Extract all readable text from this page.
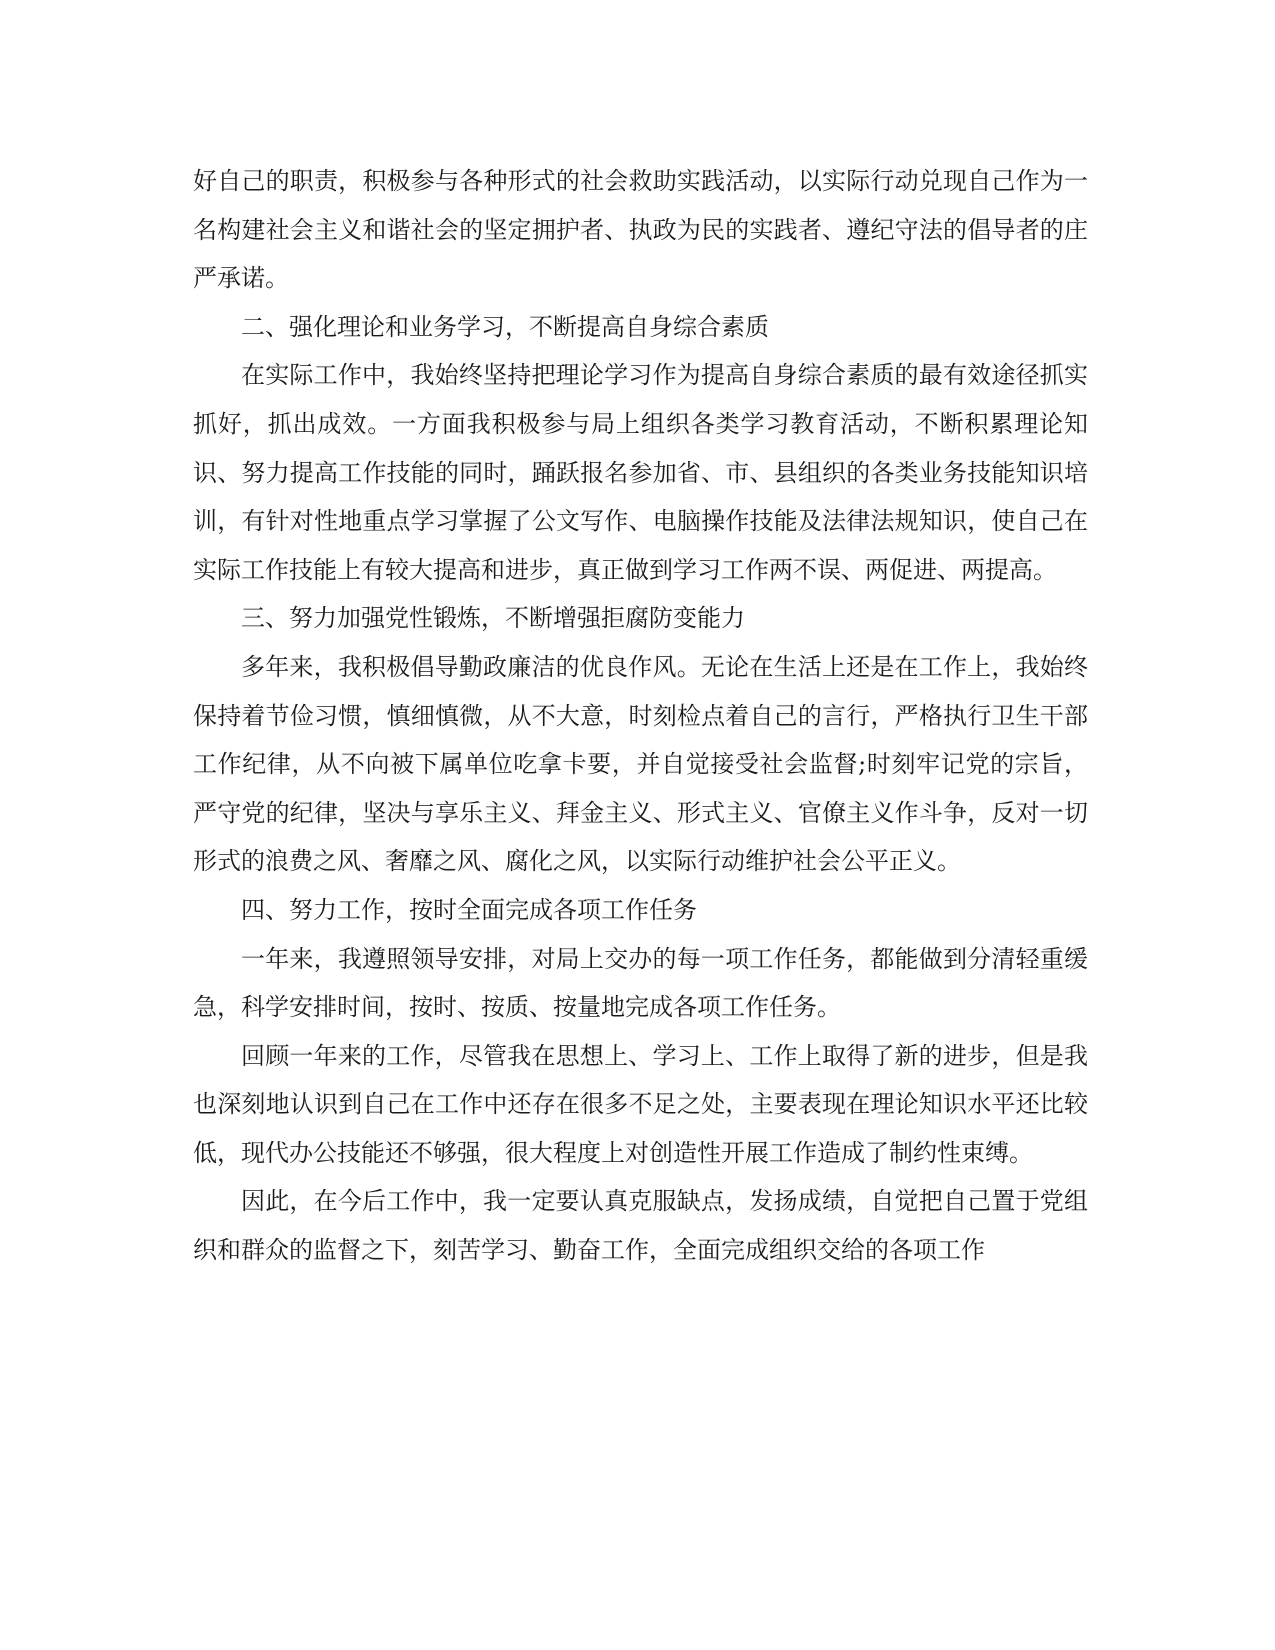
好自己的职责，积极参与各种形式的社会救助实践活动，以实际行动兑现自己作为一名构建社会主义和谐社会的坚定拥护者、执政为民的实践者、遵纪守法的倡导者的庄严承诺。

二、强化理论和业务学习，不断提高自身综合素质

在实际工作中，我始终坚持把理论学习作为提高自身综合素质的最有效途径抓实抓好，抓出成效。一方面我积极参与局上组织各类学习教育活动，不断积累理论知识、努力提高工作技能的同时，踊跃报名参加省、市、县组织的各类业务技能知识培训，有针对性地重点学习掌握了公文写作、电脑操作技能及法律法规知识，使自己在实际工作技能上有较大提高和进步，真正做到学习工作两不误、两促进、两提高。

三、努力加强党性锻炼，不断增强拒腐防变能力

多年来，我积极倡导勤政廉洁的优良作风。无论在生活上还是在工作上，我始终保持着节俭习惯，慎细慎微，从不大意，时刻检点着自己的言行，严格执行卫生干部工作纪律，从不向被下属单位吃拿卡要，并自觉接受社会监督;时刻牢记党的宗旨，严守党的纪律，坚决与享乐主义、拜金主义、形式主义、官僚主义作斗争，反对一切形式的浪费之风、奢靡之风、腐化之风，以实际行动维护社会公平正义。

四、努力工作，按时全面完成各项工作任务

一年来，我遵照领导安排，对局上交办的每一项工作任务，都能做到分清轻重缓急，科学安排时间，按时、按质、按量地完成各项工作任务。

回顾一年来的工作，尽管我在思想上、学习上、工作上取得了新的进步，但是我也深刻地认识到自己在工作中还存在很多不足之处，主要表现在理论知识水平还比较低，现代办公技能还不够强，很大程度上对创造性开展工作造成了制约性束缚。

因此，在今后工作中，我一定要认真克服缺点，发扬成绩，自觉把自己置于党组织和群众的监督之下，刻苦学习、勤奋工作，全面完成组织交给的各项工作
